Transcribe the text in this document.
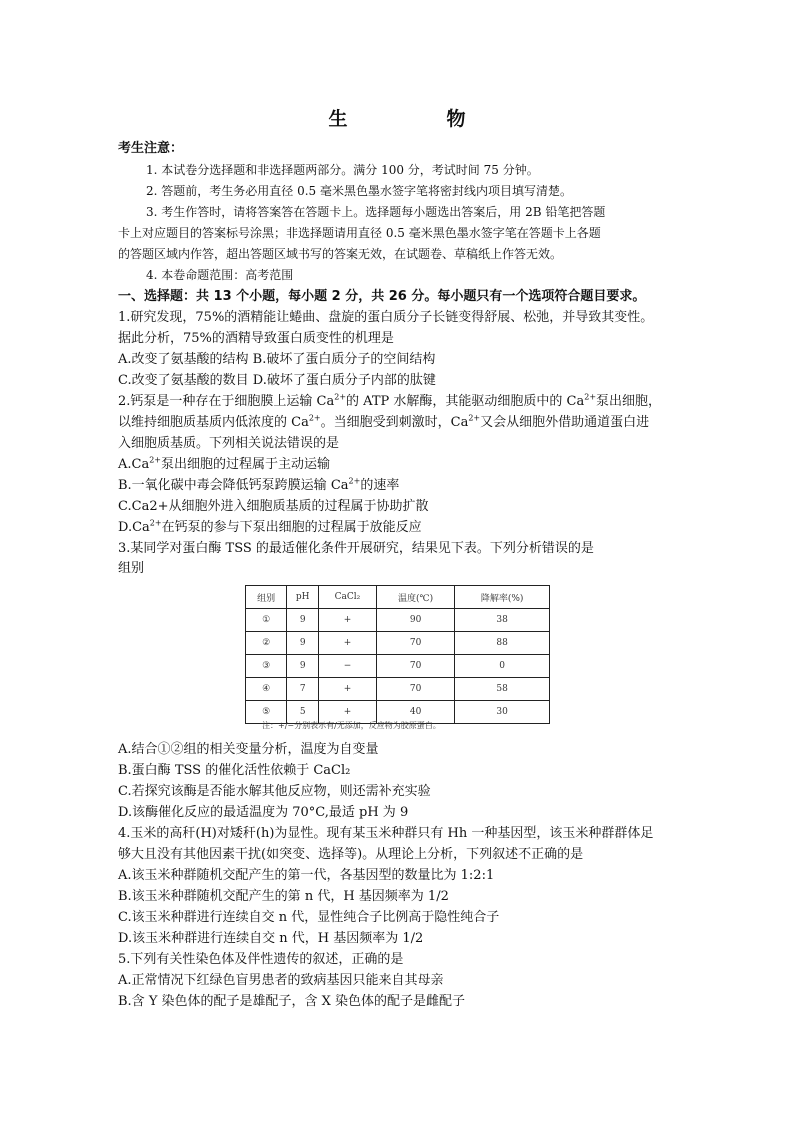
生　物
考生注意：
1. 本试卷分选择题和非选择题两部分。满分 100 分，考试时间 75 分钟。
2. 答题前，考生务必用直径 0.5 毫米黑色墨水签字笔将密封线内项目填写清楚。
3. 考生作答时，请将答案答在答题卡上。选择题每小题选出答案后，用 2B 铅笔把答题
卡上对应题目的答案标号涂黑；非选择题请用直径 0.5 毫米黑色墨水签字笔在答题卡上各题
的答题区域内作答，超出答题区域书写的答案无效，在试题卷、草稿纸上作答无效。
4. 本卷命题范围：高考范围
一、选择题：共 13 个小题，每小题 2 分，共 26 分。每小题只有一个选项符合题目要求。
1.研究发现，75%的酒精能让蜷曲、盘旋的蛋白质分子长链变得舒展、松弛，并导致其变性。
据此分析，75%的酒精导致蛋白质变性的机理是
A.改变了氨基酸的结构 B.破坏了蛋白质分子的空间结构
C.改变了氨基酸的数目 D.破坏了蛋白质分子内部的肽键
2.钙泵是一种存在于细胞膜上运输 $Ca^{2+}$的 ATP 水解酶，其能驱动细胞质中的 $Ca^{2+}$泵出细胞，
以维持细胞质基质内低浓度的 $Ca^{2+}$。当细胞受到刺激时，$Ca^{2+}$又会从细胞外借助通道蛋白进
入细胞质基质。下列相关说法错误的是
$A.Ca^{2+}$泵出细胞的过程属于主动运输
B.一氧化碳中毒会降低钙泵跨膜运输 $Ca^{2+}$的速率
C.Ca2+从细胞外进入细胞质基质的过程属于协助扩散
$D.Ca^{2+}$在钙泵的参与下泵出细胞的过程属于放能反应
3.某同学对蛋白酶 TSS 的最适催化条件开展研究，结果见下表。下列分析错误的是
组别
组别	pH	CaCl₂	温度(℃)	降解率(%)
①	9	+	90	38
②	9	+	70	88
③	9	−	70	0
④	7	+	70	58
⑤	5	+	40	30
注：+/−分别表示有/无添加，反应物为胶原蛋白。
A.结合①②组的相关变量分析，温度为自变量
B.蛋白酶 TSS 的催化活性依赖于 CaCl₂
C.若探究该酶是否能水解其他反应物，则还需补充实验
D.该酶催化反应的最适温度为 70°C,最适 pH 为 9
4.玉米的高秆(H)对矮秆(h)为显性。现有某玉米种群只有 Hh 一种基因型，该玉米种群群体足
够大且没有其他因素干扰(如突变、选择等)。从理论上分析，下列叙述不正确的是
A.该玉米种群随机交配产生的第一代，各基因型的数量比为 1:2:1
B.该玉米种群随机交配产生的第 n 代，H 基因频率为 1/2
C.该玉米种群进行连续自交 n 代，显性纯合子比例高于隐性纯合子
D.该玉米种群进行连续自交 n 代，H 基因频率为 1/2
5.下列有关性染色体及伴性遗传的叙述，正确的是
A.正常情况下红绿色盲男患者的致病基因只能来自其母亲
B.含 Y 染色体的配子是雄配子，含 X 染色体的配子是雌配子
